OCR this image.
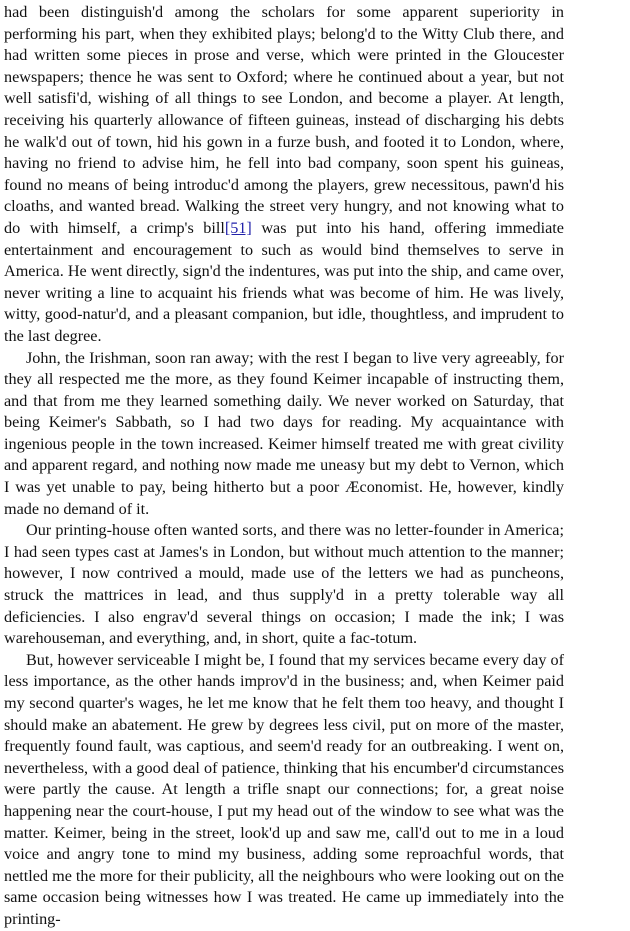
had been distinguish'd among the scholars for some apparent superiority in performing his part, when they exhibited plays; belong'd to the Witty Club there, and had written some pieces in prose and verse, which were printed in the Gloucester newspapers; thence he was sent to Oxford; where he continued about a year, but not well satisfi'd, wishing of all things to see London, and become a player. At length, receiving his quarterly allowance of fifteen guineas, instead of discharging his debts he walk'd out of town, hid his gown in a furze bush, and footed it to London, where, having no friend to advise him, he fell into bad company, soon spent his guineas, found no means of being introduc'd among the players, grew necessitous, pawn'd his cloaths, and wanted bread. Walking the street very hungry, and not knowing what to do with himself, a crimp's bill[51] was put into his hand, offering immediate entertainment and encouragement to such as would bind themselves to serve in America. He went directly, sign'd the indentures, was put into the ship, and came over, never writing a line to acquaint his friends what was become of him. He was lively, witty, good-natur'd, and a pleasant companion, but idle, thoughtless, and imprudent to the last degree.

John, the Irishman, soon ran away; with the rest I began to live very agreeably, for they all respected me the more, as they found Keimer incapable of instructing them, and that from me they learned something daily. We never worked on Saturday, that being Keimer's Sabbath, so I had two days for reading. My acquaintance with ingenious people in the town increased. Keimer himself treated me with great civility and apparent regard, and nothing now made me uneasy but my debt to Vernon, which I was yet unable to pay, being hitherto but a poor Æconomist. He, however, kindly made no demand of it.

Our printing-house often wanted sorts, and there was no letter-founder in America; I had seen types cast at James's in London, but without much attention to the manner; however, I now contrived a mould, made use of the letters we had as puncheons, struck the mattrices in lead, and thus supply'd in a pretty tolerable way all deficiencies. I also engrav'd several things on occasion; I made the ink; I was warehouseman, and everything, and, in short, quite a fac-totum.

But, however serviceable I might be, I found that my services became every day of less importance, as the other hands improv'd in the business; and, when Keimer paid my second quarter's wages, he let me know that he felt them too heavy, and thought I should make an abatement. He grew by degrees less civil, put on more of the master, frequently found fault, was captious, and seem'd ready for an outbreaking. I went on, nevertheless, with a good deal of patience, thinking that his encumber'd circumstances were partly the cause. At length a trifle snapt our connections; for, a great noise happening near the court-house, I put my head out of the window to see what was the matter. Keimer, being in the street, look'd up and saw me, call'd out to me in a loud voice and angry tone to mind my business, adding some reproachful words, that nettled me the more for their publicity, all the neighbours who were looking out on the same occasion being witnesses how I was treated. He came up immediately into the printing-
